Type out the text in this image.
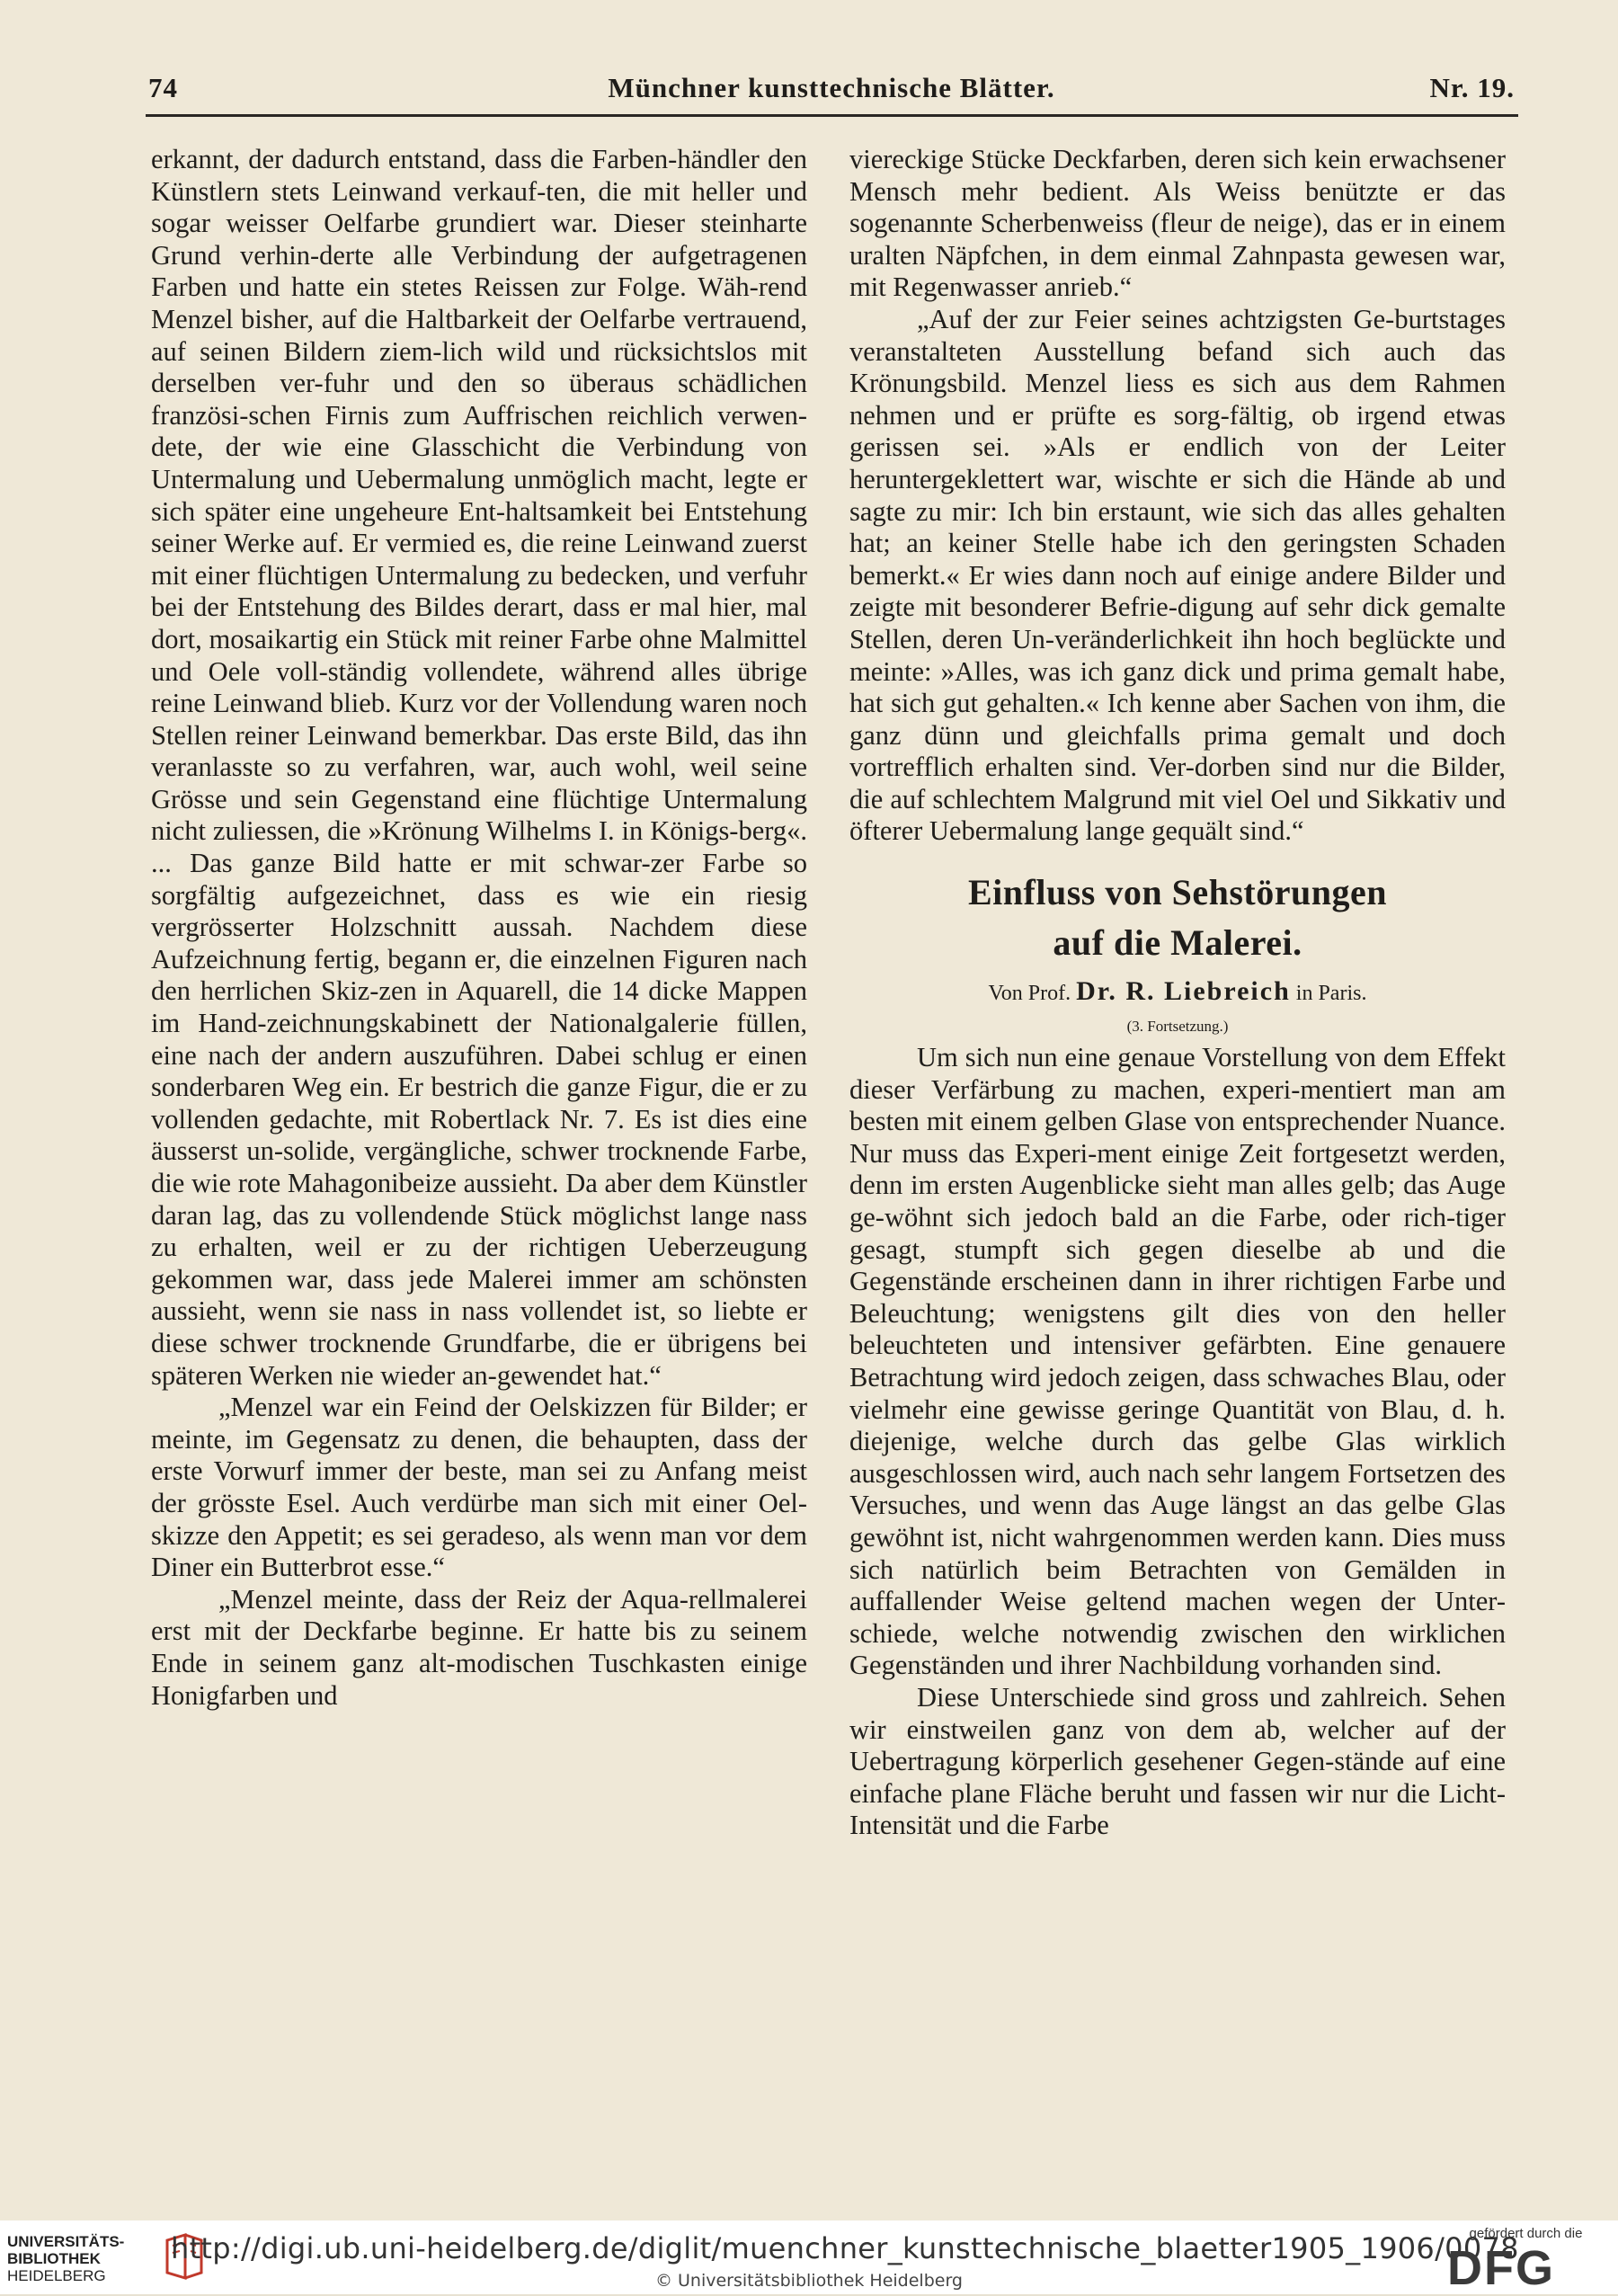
74	Münchner kunsttechnische Blätter.	Nr. 19.

erkannt, der dadurch entstand, dass die Farben-händler den Künstlern stets Leinwand verkauf-ten, die mit heller und sogar weisser Oelfarbe grundiert war. Dieser steinharte Grund verhin-derte alle Verbindung der aufgetragenen Farben und hatte ein stetes Reissen zur Folge. Wäh-rend Menzel bisher, auf die Haltbarkeit der Oelfarbe vertrauend, auf seinen Bildern ziem-lich wild und rücksichtslos mit derselben ver-fuhr und den so überaus schädlichen französi-schen Firnis zum Auffrischen reichlich verwen-dete, der wie eine Glasschicht die Verbindung von Untermalung und Uebermalung unmöglich macht, legte er sich später eine ungeheure Ent-haltsamkeit bei Entstehung seiner Werke auf. Er vermied es, die reine Leinwand zuerst mit einer flüchtigen Untermalung zu bedecken, und verfuhr bei der Entstehung des Bildes derart, dass er mal hier, mal dort, mosaikartig ein Stück mit reiner Farbe ohne Malmittel und Oele voll-ständig vollendete, während alles übrige reine Leinwand blieb. Kurz vor der Vollendung waren noch Stellen reiner Leinwand bemerkbar. Das erste Bild, das ihn veranlasste so zu verfahren, war, auch wohl, weil seine Grösse und sein Gegenstand eine flüchtige Untermalung nicht zuliessen, die »Krönung Wilhelms I. in Königs-berg«. ... Das ganze Bild hatte er mit schwar-zer Farbe so sorgfältig aufgezeichnet, dass es wie ein riesig vergrösserter Holzschnitt aussah. Nachdem diese Aufzeichnung fertig, begann er, die einzelnen Figuren nach den herrlichen Skiz-zen in Aquarell, die 14 dicke Mappen im Hand-zeichnungskabinett der Nationalgalerie füllen, eine nach der andern auszuführen. Dabei schlug er einen sonderbaren Weg ein. Er bestrich die ganze Figur, die er zu vollenden gedachte, mit Robertlack Nr. 7. Es ist dies eine äusserst un-solide, vergängliche, schwer trocknende Farbe, die wie rote Mahagonibeize aussieht. Da aber dem Künstler daran lag, das zu vollendende Stück möglichst lange nass zu erhalten, weil er zu der richtigen Ueberzeugung gekommen war, dass jede Malerei immer am schönsten aussieht, wenn sie nass in nass vollendet ist, so liebte er diese schwer trocknende Grundfarbe, die er übrigens bei späteren Werken nie wieder an-gewendet hat.“

„Menzel war ein Feind der Oelskizzen für Bilder; er meinte, im Gegensatz zu denen, die behaupten, dass der erste Vorwurf immer der beste, man sei zu Anfang meist der grösste Esel. Auch verdürbe man sich mit einer Oel-skizze den Appetit; es sei geradeso, als wenn man vor dem Diner ein Butterbrot esse.“

„Menzel meinte, dass der Reiz der Aqua-rellmalerei erst mit der Deckfarbe beginne. Er hatte bis zu seinem Ende in seinem ganz alt-modischen Tuschkasten einige Honigfarben und

viereckige Stücke Deckfarben, deren sich kein erwachsener Mensch mehr bedient. Als Weiss benützte er das sogenannte Scherbenweiss (fleur de neige), das er in einem uralten Näpfchen, in dem einmal Zahnpasta gewesen war, mit Regenwasser anrieb.“

„Auf der zur Feier seines achtzigsten Ge-burtstages veranstalteten Ausstellung befand sich auch das Krönungsbild. Menzel liess es sich aus dem Rahmen nehmen und er prüfte es sorg-fältig, ob irgend etwas gerissen sei. »Als er endlich von der Leiter heruntergeklettert war, wischte er sich die Hände ab und sagte zu mir: Ich bin erstaunt, wie sich das alles gehalten hat; an keiner Stelle habe ich den geringsten Schaden bemerkt.« Er wies dann noch auf einige andere Bilder und zeigte mit besonderer Befrie-digung auf sehr dick gemalte Stellen, deren Un-veränderlichkeit ihn hoch beglückte und meinte: »Alles, was ich ganz dick und prima gemalt habe, hat sich gut gehalten.« Ich kenne aber Sachen von ihm, die ganz dünn und gleichfalls prima gemalt und doch vortrefflich erhalten sind. Ver-dorben sind nur die Bilder, die auf schlechtem Malgrund mit viel Oel und Sikkativ und öfterer Uebermalung lange gequält sind.“

Einfluss von Sehstörungen
auf die Malerei.

Von Prof. Dr. R. Liebreich in Paris.

(3. Fortsetzung.)

Um sich nun eine genaue Vorstellung von dem Effekt dieser Verfärbung zu machen, experi-mentiert man am besten mit einem gelben Glase von entsprechender Nuance. Nur muss das Experi-ment einige Zeit fortgesetzt werden, denn im ersten Augenblicke sieht man alles gelb; das Auge ge-wöhnt sich jedoch bald an die Farbe, oder rich-tiger gesagt, stumpft sich gegen dieselbe ab und die Gegenstände erscheinen dann in ihrer richtigen Farbe und Beleuchtung; wenigstens gilt dies von den heller beleuchteten und intensiver gefärbten. Eine genauere Betrachtung wird jedoch zeigen, dass schwaches Blau, oder vielmehr eine gewisse geringe Quantität von Blau, d. h. diejenige, welche durch das gelbe Glas wirklich ausgeschlossen wird, auch nach sehr langem Fortsetzen des Versuches, und wenn das Auge längst an das gelbe Glas gewöhnt ist, nicht wahrgenommen werden kann. Dies muss sich natürlich beim Betrachten von Gemälden in auffallender Weise geltend machen wegen der Unter-schiede, welche notwendig zwischen den wirklichen Gegenständen und ihrer Nachbildung vorhanden sind.

Diese Unterschiede sind gross und zahlreich. Sehen wir einstweilen ganz von dem ab, welcher auf der Uebertragung körperlich gesehener Gegen-stände auf eine einfache plane Fläche beruht und fassen wir nur die Licht-Intensität und die Farbe

UNIVERSITÄTS-
BIBLIOTHEK
HEIDELBERG
http://digi.ub.uni-heidelberg.de/diglit/muenchner_kunsttechnische_blaetter1905_1906/0078
© Universitätsbibliothek Heidelberg
gefördert durch die
DFG
